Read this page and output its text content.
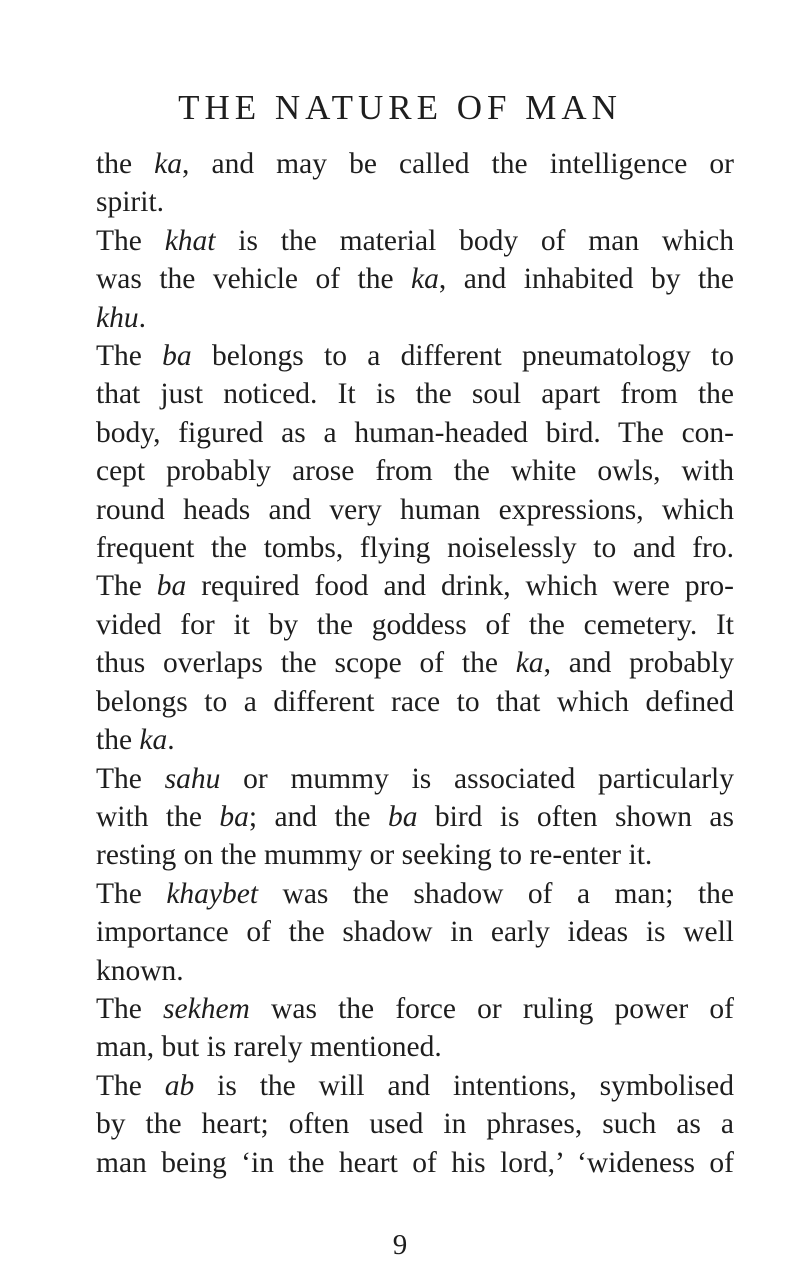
THE NATURE OF MAN

the ka, and may be called the intelligence or
spirit.

The khat is the material body of man which
was the vehicle of the ka, and inhabited by the
khu.

The ba belongs to a different pneumatology to
that just noticed. It is the soul apart from the
body, figured as a human-headed bird. The con-
cept probably arose from the white owls, with
round heads and very human expressions, which
frequent the tombs, flying noiselessly to and fro.
The ba required food and drink, which were pro-
vided for it by the goddess of the cemetery. It
thus overlaps the scope of the ka, and probably
belongs to a different race to that which defined
the ka.

The sahu or mummy is associated particularly
with the ba; and the ba bird is often shown as
resting on the mummy or seeking to re-enter it.

The khaybet was the shadow of a man; the
importance of the shadow in early ideas is well
known.

The sekhem was the force or ruling power of
man, but is rarely mentioned.

The ab is the will and intentions, symbolised
by the heart; often used in phrases, such as a
man being ‘in the heart of his lord,’ ‘wideness of

9
